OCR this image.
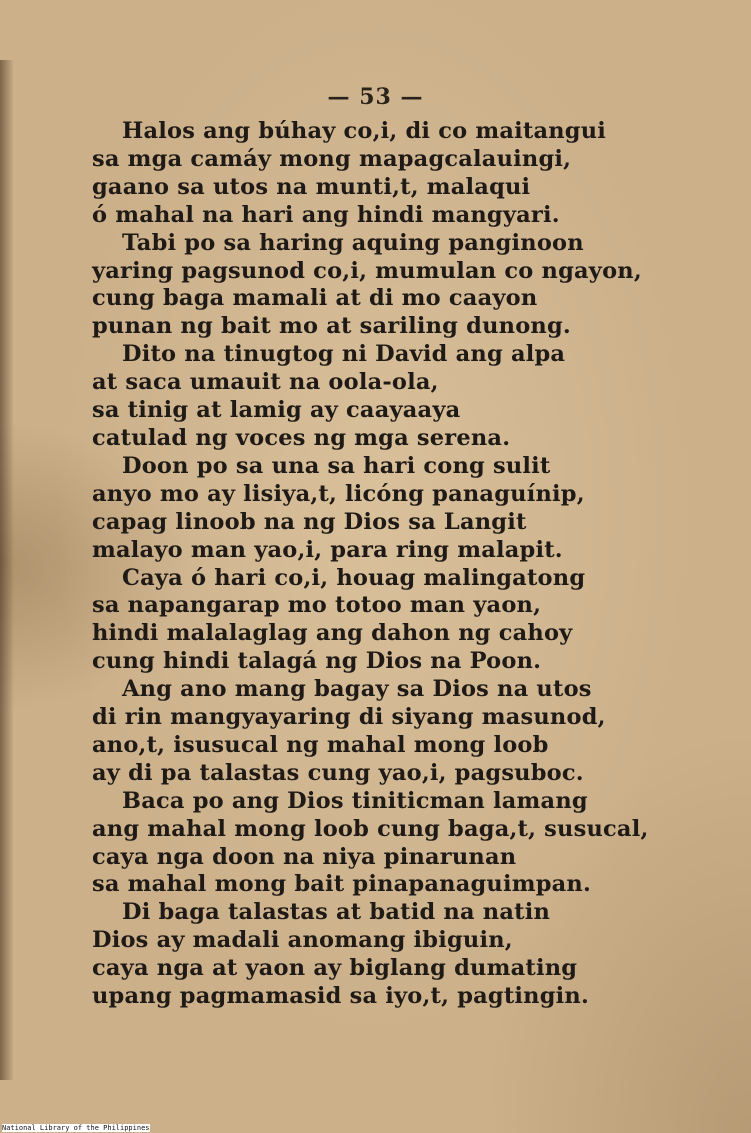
— 53 —
Halos ang búhay co,i, di co maitangui
sa mga camáy mong mapagcalauingi,
gaano sa utos na munti,t, malaqui
ó mahal na hari ang hindi mangyari.
Tabi po sa haring aquing panginoon
yaring pagsunod co,i, mumulan co ngayon,
cung baga mamali at di mo caayon
punan ng bait mo at sariling dunong.
Dito na tinugtog ni David ang alpa
at saca umauit na oola-ola,
sa tinig at lamig ay caayaaya
catulad ng voces ng mga serena.
Doon po sa una sa hari cong sulit
anyo mo ay lisiya,t, licóng panaguínip,
capag linoob na ng Dios sa Langit
malayo man yao,i, para ring malapit.
Caya ó hari co,i, houag malingatong
sa napangarap mo totoo man yaon,
hindi malalaglag ang dahon ng cahoy
cung hindi talagá ng Dios na Poon.
Ang ano mang bagay sa Dios na utos
di rin mangyayaring di siyang masunod,
ano,t, isusucal ng mahal mong loob
ay di pa talastas cung yao,i, pagsuboc.
Baca po ang Dios tiniticman lamang
ang mahal mong loob cung baga,t, susucal,
caya nga doon na niya pinarunan
sa mahal mong bait pinapanaguimpan.
Di baga talastas at batid na natin
Dios ay madali anomang ibiguin,
caya nga at yaon ay biglang dumating
upang pagmamasid sa iyo,t, pagtingin.
National Library of the Philippines
